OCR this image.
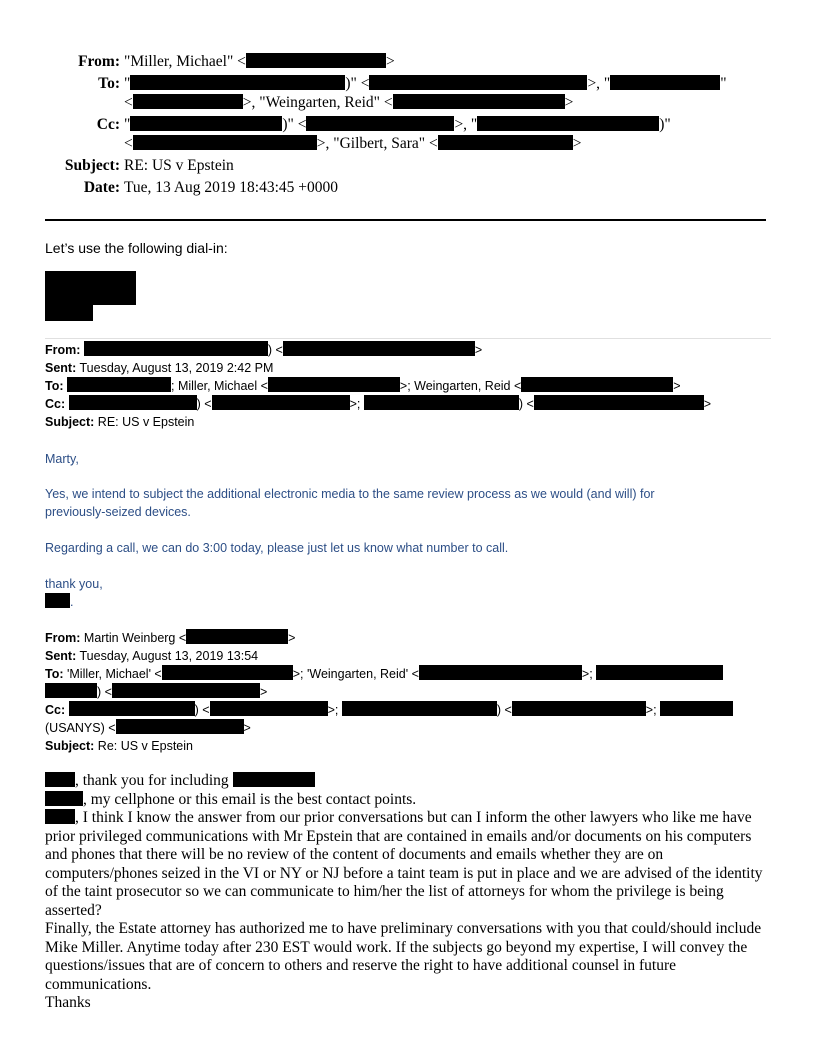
From: "Miller, Michael" <	>
To: "	)" <	>, "	"
<	>, "Weingarten, Reid" <	>
Cc: "	)" <	>, "	)"
<	>, "Gilbert, Sara" <	>
Subject: RE: US v Epstein
Date: Tue, 13 Aug 2019 18:43:45 +0000
Let’s use the following dial-in:
From:	) <	>
Sent: Tuesday, August 13, 2019 2:42 PM
To:	; Miller, Michael <	>; Weingarten, Reid <	>
Cc:	) <	>;	) <	>
Subject: RE: US v Epstein
Marty,
Yes, we intend to subject the additional electronic media to the same review process as we would (and will) for
previously-seized devices.
Regarding a call, we can do 3:00 today, please just let us know what number to call.
thank you,
.
From: Martin Weinberg <	>
Sent: Tuesday, August 13, 2019 13:54
To: 'Miller, Michael' <	>; 'Weingarten, Reid' <	>;
) <	>
Cc:	) <	>;	) <	>;
(USANYS) <	>
Subject: Re: US v Epstein

, thank you for including

, my cellphone or this email is the best contact points.

, I think I know the answer from our prior conversations but can I inform the other lawyers who like me have prior privileged communications with Mr Epstein that are contained in emails and/or documents on his computers and phones that there will be no review of the content of documents and emails whether they are on computers/phones seized in the VI or NY or NJ before a taint team is put in place and we are advised of the identity of the taint prosecutor so we can communicate to him/her the list of attorneys for whom the privilege is being asserted?

Finally, the Estate attorney has authorized me to have preliminary conversations with you that could/should include Mike Miller. Anytime today after 230 EST would work. If the subjects go beyond my expertise, I will convey the questions/issues that are of concern to others and reserve the right to have additional counsel in future communications.

Thanks
